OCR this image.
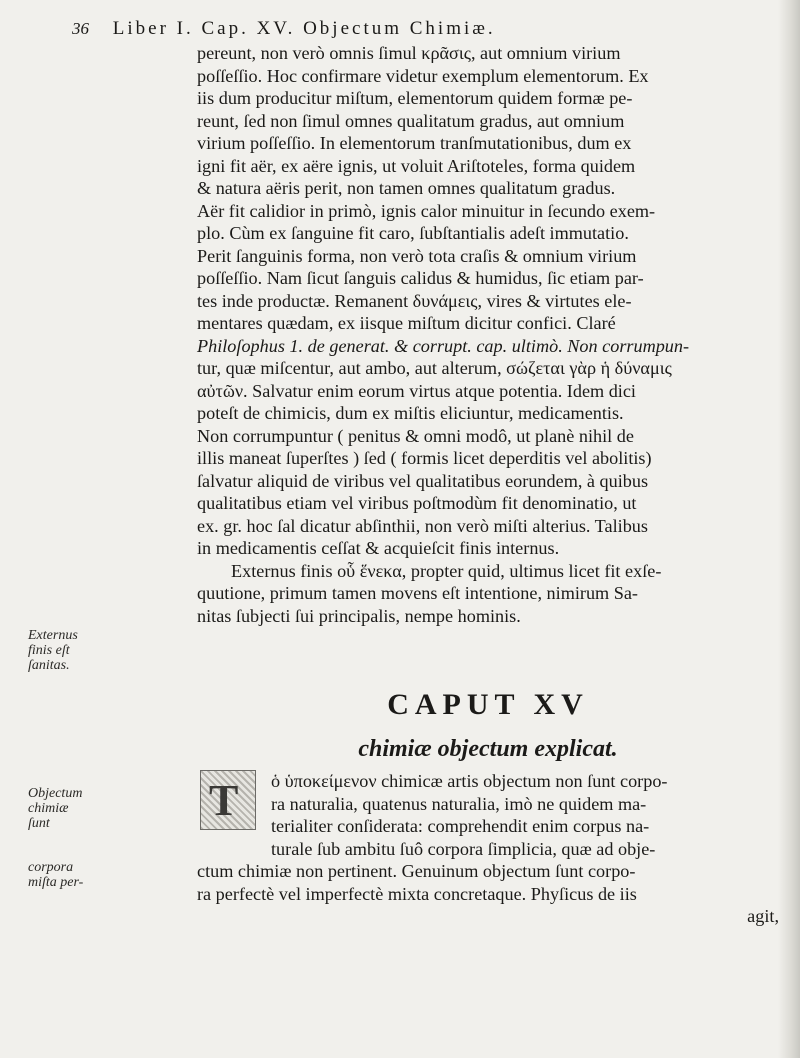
36 Liber I. Cap. XV. Objectum Chimiæ.
pereunt, non verò omnis ſimul κρᾶσις, aut omnium virium
poſſeſſio. Hoc confirmare videtur exemplum elementorum. Ex
iis dum producitur miſtum, elementorum quidem formæ pe-
reunt, ſed non ſimul omnes qualitatum gradus, aut omnium
virium poſſeſſio. In elementorum tranſmutationibus, dum ex
igni fit aër, ex aëre ignis, ut voluit Ariſtoteles, forma quidem
& natura aëris perit, non tamen omnes qualitatum gradus.
Aër fit calidior in primò, ignis calor minuitur in ſecundo exem-
plo. Cùm ex ſanguine fit caro, ſubſtantialis adeſt immutatio.
Perit ſanguinis forma, non verò tota craſis & omnium virium
poſſeſſio. Nam ſicut ſanguis calidus & humidus, ſic etiam par-
tes inde productæ. Remanent δυνάμεις, vires & virtutes ele-
mentares quædam, ex iisque miſtum dicitur confici. Claré
Philoſophus 1. de generat. & corrupt. cap. ultimò. Non corrumpun-
tur, quæ miſcentur, aut ambo, aut alterum, σώζεται γὰρ ἡ δύναμις
αὐτῶν. Salvatur enim eorum virtus atque potentia. Idem dici
poteſt de chimicis, dum ex miſtis eliciuntur, medicamentis.
Non corrumpuntur ( penitus & omni modô, ut planè nihil de
illis maneat ſuperſtes ) ſed ( formis licet deperditis vel abolitis)
ſalvatur aliquid de viribus vel qualitatibus eorundem, à quibus
qualitatibus etiam vel viribus poſtmodùm fit denominatio, ut
ex. gr. hoc ſal dicatur abſinthii, non verò miſti alterius. Talibus
in medicamentis ceſſat & acquieſcit finis internus.
Externus finis οὗ ἕνεκα, propter quid, ultimus licet fit exſe-
quutione, primum tamen movens eſt intentione, nimirum Sa-
nitas ſubjecti ſui principalis, nempe hominis.
Externus
finis eſt
ſanitas.
CAPUT XV
chimiæ objectum explicat.
T	ὁ ὑποκείμενον chimicæ artis objectum non ſunt corpo-
ra naturalia, quatenus naturalia, imò ne quidem ma-
terialiter conſiderata: comprehendit enim corpus na-
turale ſub ambitu ſuô corpora ſimplicia, quæ ad obje-
ctum chimiæ non pertinent. Genuinum objectum ſunt corpo-
ra perfectè vel imperfectè mixta concretaque. Phyſicus de iis
agit,
Objectum
chimiæ
ſunt
corpora
miſta per-
